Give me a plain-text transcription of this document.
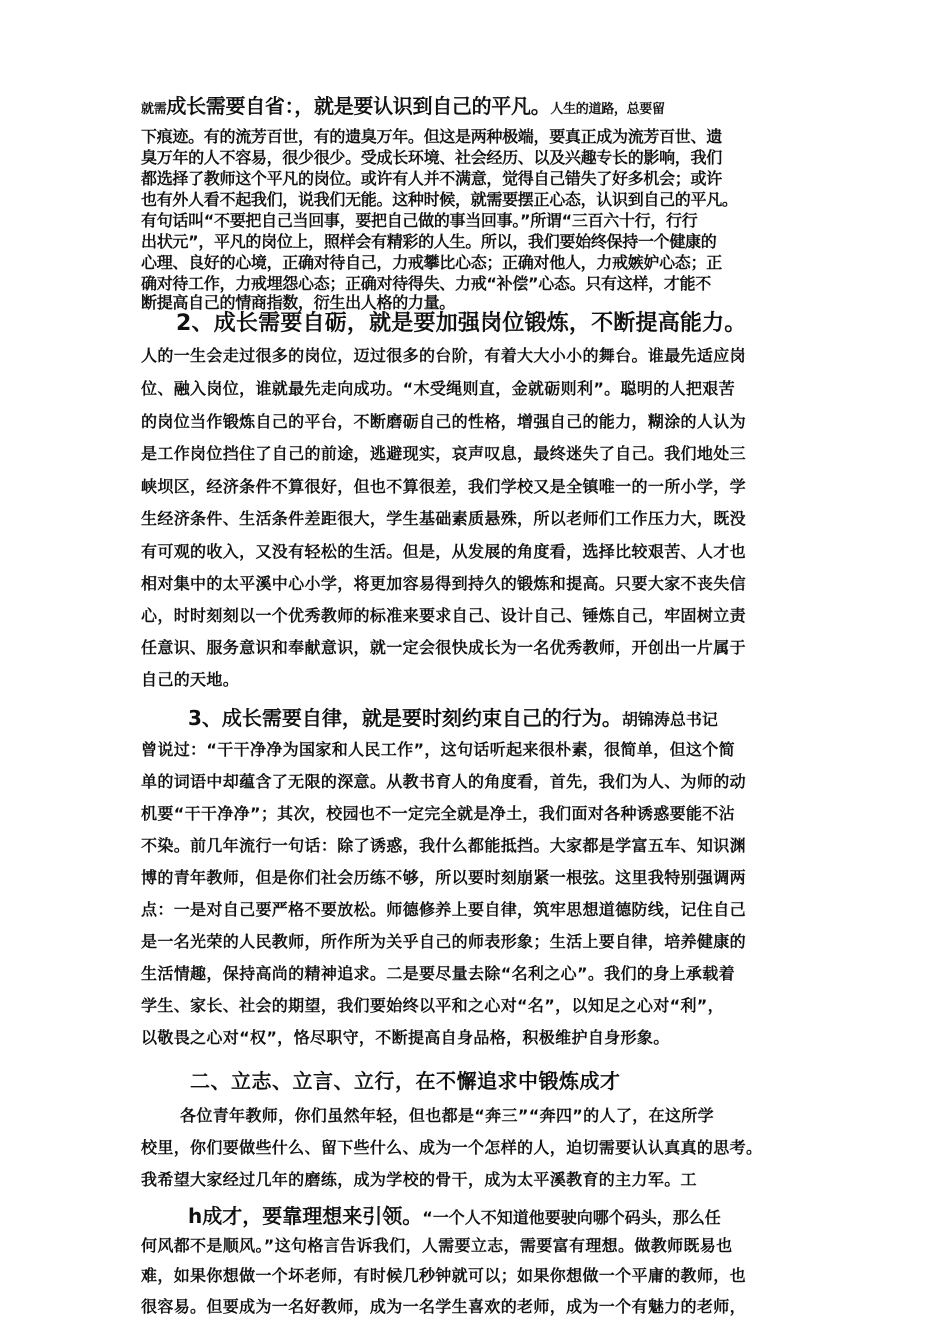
就需成长需要自省：，就是要认识到自己的平凡。人生的道路，总要留
下痕迹。有的流芳百世，有的遗臭万年。但这是两种极端，要真正成为流芳百世、遗
臭万年的人不容易，很少很少。受成长环境、社会经历、以及兴趣专长的影响，我们
都选择了教师这个平凡的岗位。或许有人并不满意，觉得自己错失了好多机会；或许
也有外人看不起我们，说我们无能。这种时候，就需要摆正心态，认识到自己的平凡。
有句话叫“不要把自己当回事，要把自己做的事当回事。”所谓“三百六十行，行行
出状元”，平凡的岗位上，照样会有精彩的人生。所以，我们要始终保持一个健康的
心理、良好的心境，正确对待自己，力戒攀比心态；正确对他人，力戒嫉妒心态；正
确对待工作，力戒埋怨心态；正确对待得失、力戒“补偿”心态。只有这样，才能不
断提高自己的情商指数，衍生出人格的力量。
2、成长需要自砺，就是要加强岗位锻炼，不断提高能力。
人的一生会走过很多的岗位，迈过很多的台阶，有着大大小小的舞台。谁最先适应岗
位、融入岗位，谁就最先走向成功。“木受绳则直，金就砺则利”。聪明的人把艰苦
的岗位当作锻炼自己的平台，不断磨砺自己的性格，增强自己的能力，糊涂的人认为
是工作岗位挡住了自己的前途，逃避现实，哀声叹息，最终迷失了自己。我们地处三
峡坝区，经济条件不算很好，但也不算很差，我们学校又是全镇唯一的一所小学，学
生经济条件、生活条件差距很大，学生基础素质悬殊，所以老师们工作压力大，既没
有可观的收入，又没有轻松的生活。但是，从发展的角度看，选择比较艰苦、人才也
相对集中的太平溪中心小学，将更加容易得到持久的锻炼和提高。只要大家不丧失信
心，时时刻刻以一个优秀教师的标准来要求自己、设计自己、锤炼自己，牢固树立责
任意识、服务意识和奉献意识，就一定会很快成长为一名优秀教师，开创出一片属于
自己的天地。
3、成长需要自律，就是要时刻约束自己的行为。胡锦涛总书记
曾说过：“干干净净为国家和人民工作”，这句话听起来很朴素，很简单，但这个简
单的词语中却蕴含了无限的深意。从教书育人的角度看，首先，我们为人、为师的动
机要“干干净净”；其次，校园也不一定完全就是净土，我们面对各种诱惑要能不沾
不染。前几年流行一句话：除了诱惑，我什么都能抵挡。大家都是学富五车、知识渊
博的青年教师，但是你们社会历练不够，所以要时刻崩紧一根弦。这里我特别强调两
点：一是对自己要严格不要放松。师德修养上要自律，筑牢思想道德防线，记住自己
是一名光荣的人民教师，所作所为关乎自己的师表形象；生活上要自律，培养健康的
生活情趣，保持高尚的精神追求。二是要尽量去除“名利之心”。我们的身上承载着
学生、家长、社会的期望，我们要始终以平和之心对“名”，以知足之心对“利”，
以敬畏之心对“权”，恪尽职守，不断提高自身品格，积极维护自身形象。
二、立志、立言、立行，在不懈追求中锻炼成才
各位青年教师，你们虽然年轻，但也都是“奔三”“奔四”的人了，在这所学
校里，你们要做些什么、留下些什么、成为一个怎样的人，迫切需要认认真真的思考。
我希望大家经过几年的磨练，成为学校的骨干，成为太平溪教育的主力军。工
h成才，要靠理想来引领。“一个人不知道他要驶向哪个码头，那么任
何风都不是顺风。”这句格言告诉我们，人需要立志，需要富有理想。做教师既易也
难，如果你想做一个坏老师，有时候几秒钟就可以；如果你想做一个平庸的教师，也
很容易。但要成为一名好教师，成为一名学生喜欢的老师，成为一个有魅力的老师，
